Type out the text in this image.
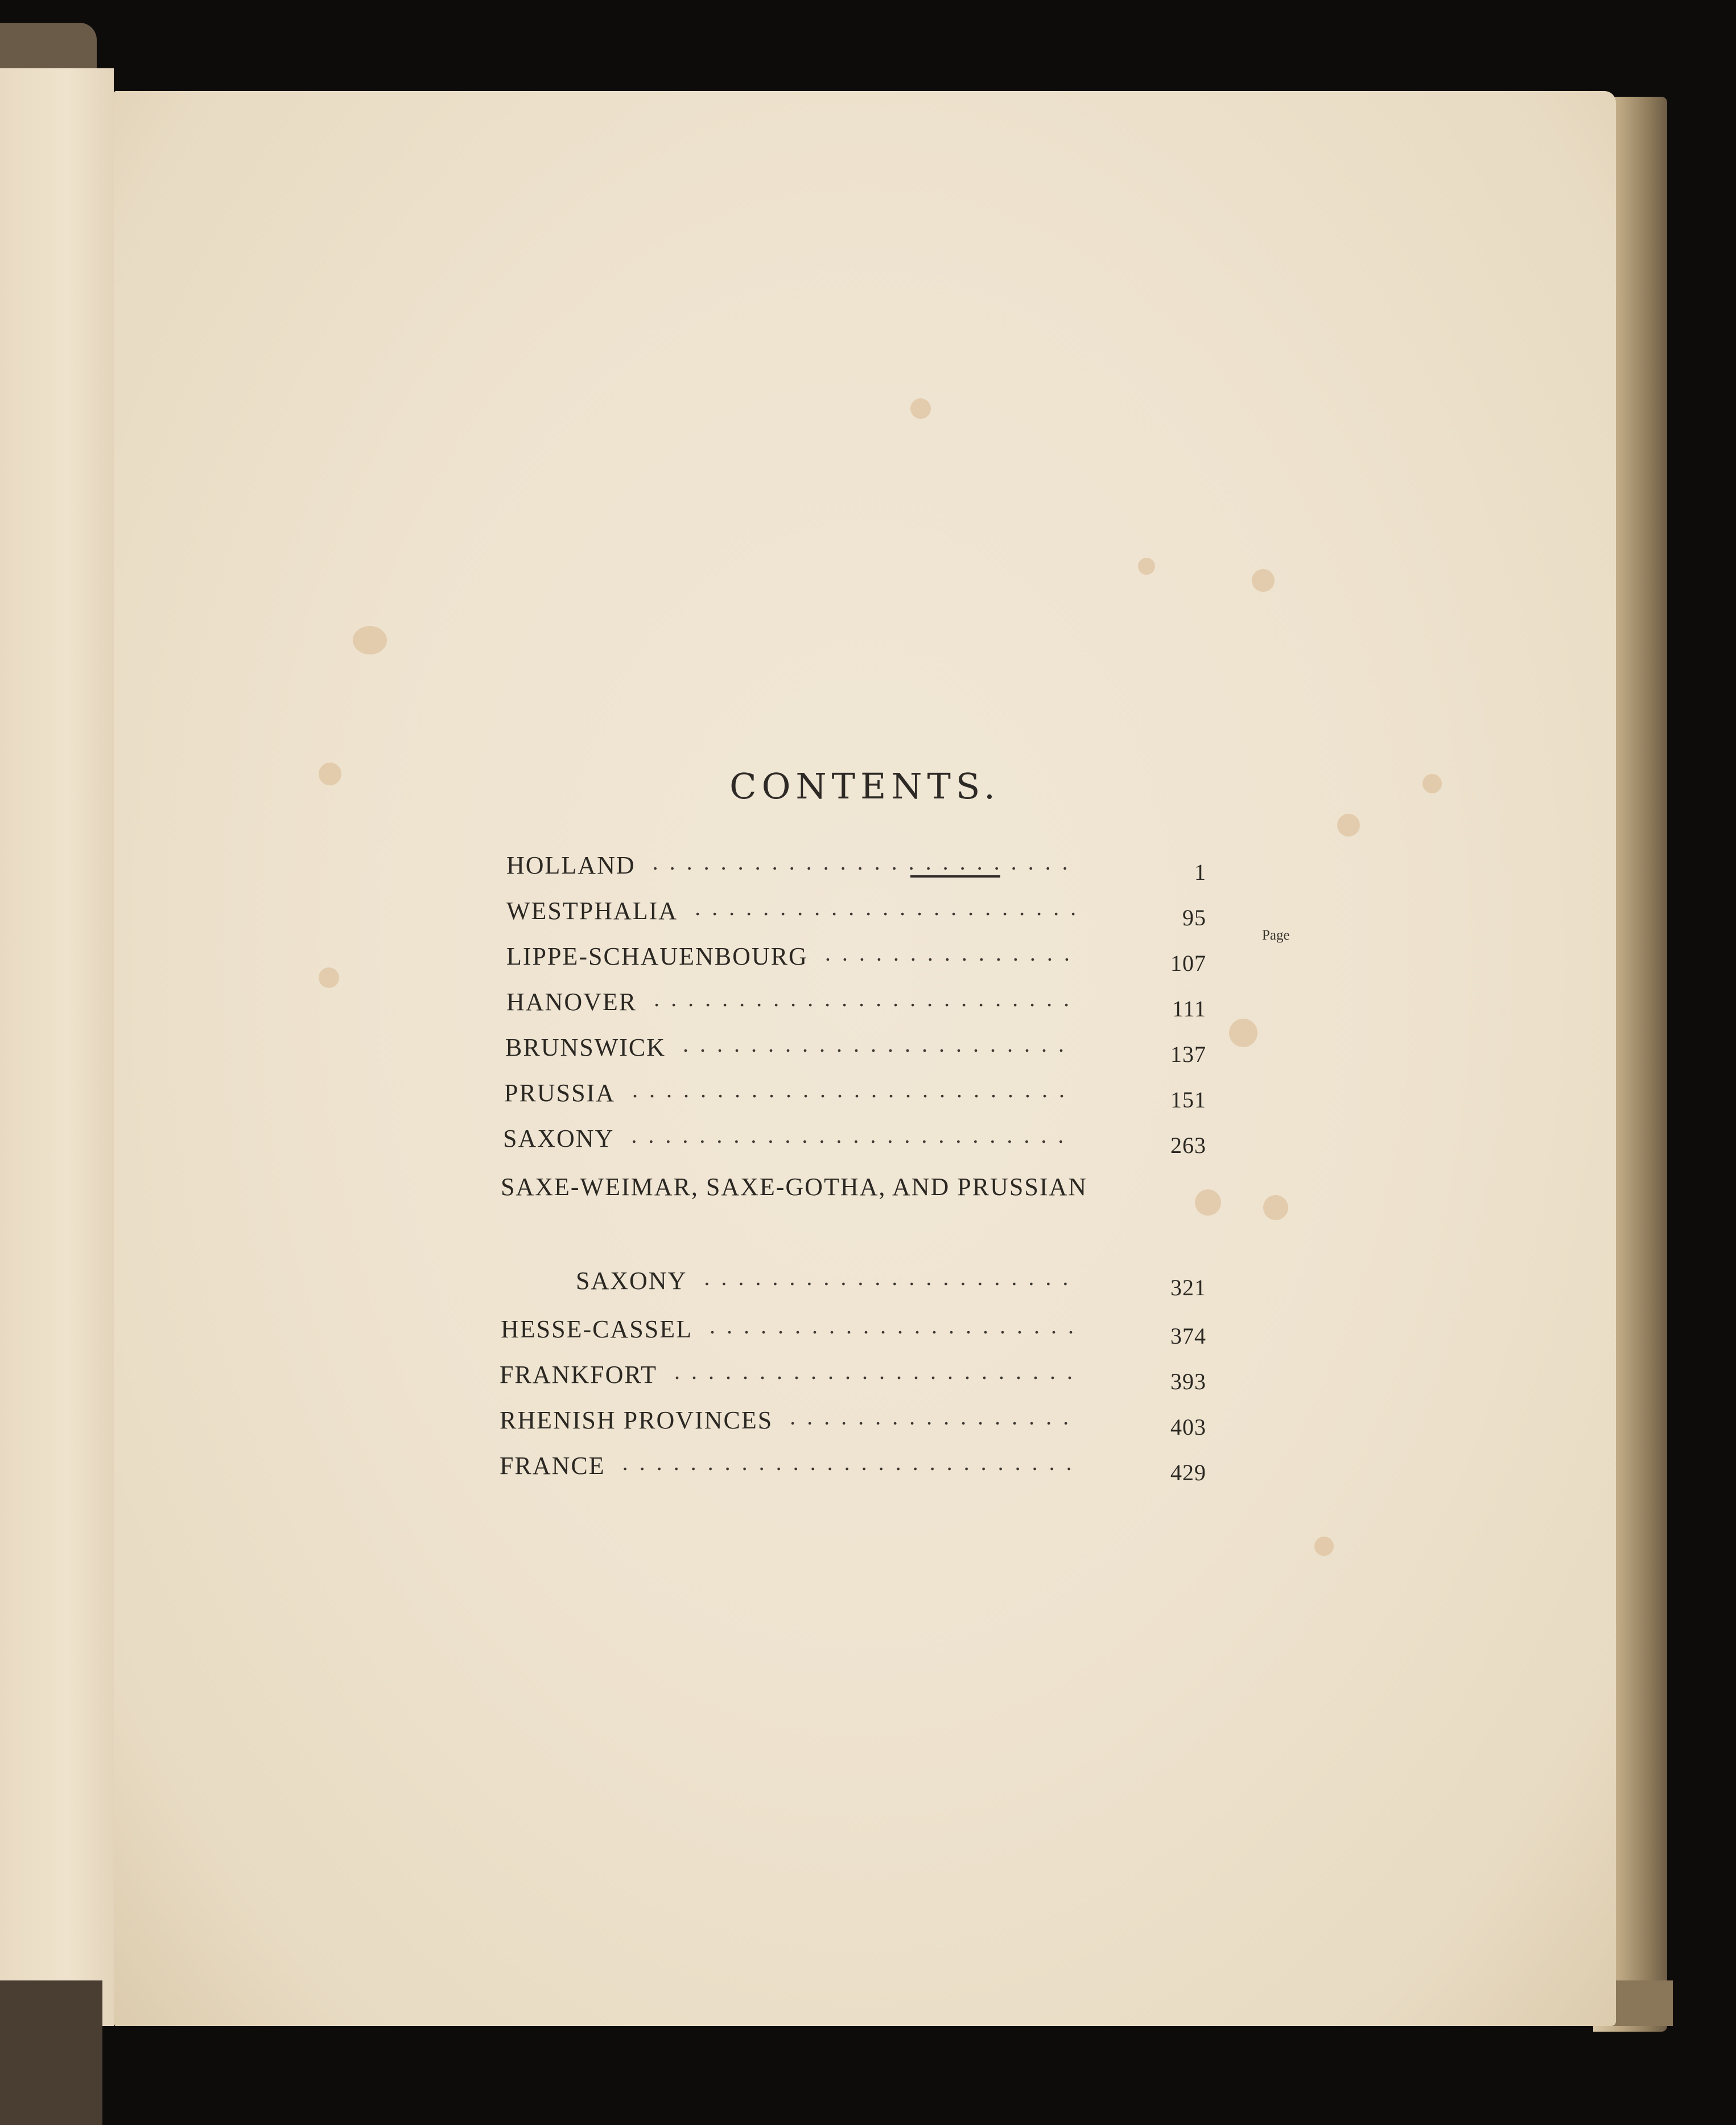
CONTENTS.
Page
HOLLAND .........................	1
WESTPHALIA .......................	95
LIPPE-SCHAUENBOURG ...............	107
HANOVER .........................	111
BRUNSWICK .......................	137
PRUSSIA ..........................	151
SAXONY ..........................	263
SAXE-WEIMAR, SAXE-GOTHA, AND PRUSSIAN
SAXONY ......................	321
HESSE-CASSEL ......................	374
FRANKFORT ........................	393
RHENISH PROVINCES .................	403
FRANCE ...........................	429
